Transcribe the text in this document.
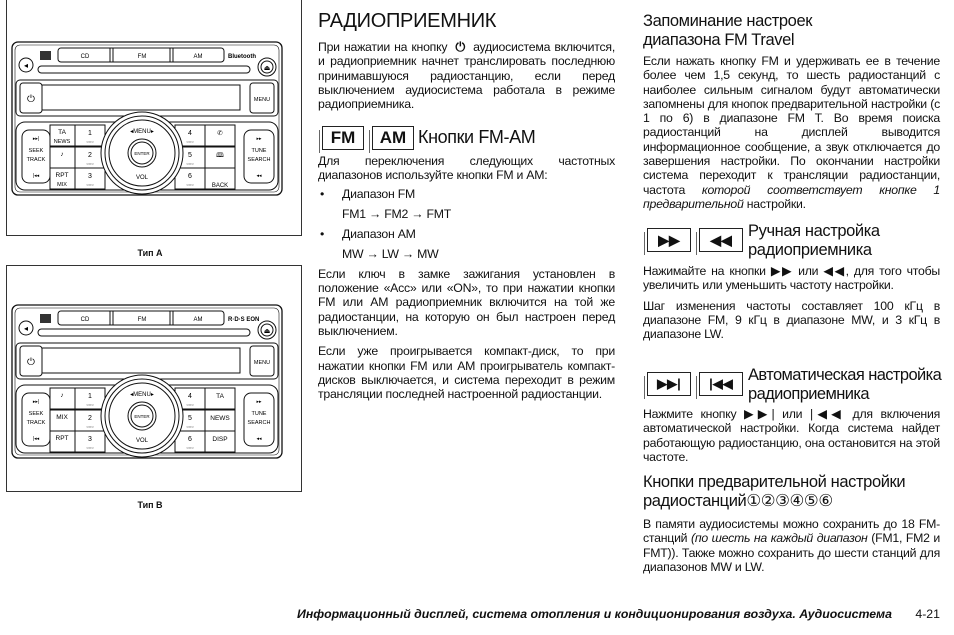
Тип A
Тип B
CD	FM	AM	Bluetooth
◂	⏏
⏻	MENU
▸▸|
SEEK
TRACK
|◂◂
▸▸
TUNE
SEARCH
◂◂
TA
NEWS
1
○○○
4
○○○
✆
♪	2
○○○
5
○○○
🕮
RPT
MIX
3
○○○
6
○○○	BACK
◂MENU▸
ENTER
VOL
CD	FM	AM	R·D·S EON
◂	⏏
⏻	MENU
▸▸|
SEEK
TRACK
|◂◂
▸▸
TUNE
SEARCH
◂◂
♪	1
○○○
4
○○○
TA
MIX	2
○○○
5
○○○
NEWS
RPT	3
○○○
6
○○○
DISP
◂MENU▸
ENTER
VOL
РАДИОПРИЕМНИК

При нажатии на кнопку ⏻ аудиосистема включится, и радиоприемник начнет транслировать последнюю принимавшуюся радиостанцию, если перед выключением аудиосистема работала в режиме радиоприемника.

FM	AM Кнопки FM-AM

Для переключения следующих частотных диапазонов используйте кнопки FM и AM:

• Диапазон FM

FM1 → FM2 → FMT

• Диапазон AM

MW → LW → MW

Если ключ в замке зажигания установлен в положение «Acc» или «ON», то при нажатии кнопки FM или AM радиоприемник включится на той же радиостанции, на которую он был настроен перед выключением.

Если уже проигрывается компакт-диск, то при нажатии кнопки FM или AM проигрыватель компакт-дисков выключается, и система переходит в режим трансляции последней настроенной радиостанции.

Запоминание настроек диапазона FM Travel

Если нажать кнопку FM и удерживать ее в течение более чем 1,5 секунд, то шесть радиостанций с наиболее сильным сигналом будут автоматически запомнены для кнопок предварительной настройки (с 1 по 6) в диапазоне FM T. Во время поиска радиостанций на дисплей выводится информационное сообщение, а звук отключается до завершения настройки. По окончании настройки система переходит к трансляции радиостанции, частота которой соответствует кнопке 1 предварительной настройки.

▶▶	◀◀ Ручная настройка радиоприемника

Нажимайте на кнопки ▶▶ или ◀◀, для того чтобы увеличить или уменьшить частоту настройки.

Шаг изменения частоты составляет 100 кГц в диапазоне FM, 9 кГц в диапазоне MW, и 3 кГц в диапазоне LW.

▶▶|	|◀◀ Автоматическая настройка радиоприемника
Нажмите кнопку ▶▶| или |◀◀ для включения автоматической настройки. Когда система найдет работающую радиостанцию, она остановится на этой частоте.
Кнопки предварительной настройки радиостанций①②③④⑤⑥

В памяти аудиосистемы можно сохранить до 18 FM-станций (по шесть на каждый диапазон (FM1, FM2 и FMT)). Также можно сохранить до шести станций для диапазонов MW и LW.

Информационный дисплей, система отопления и кондиционирования воздуха. Аудиосистема 4-21
